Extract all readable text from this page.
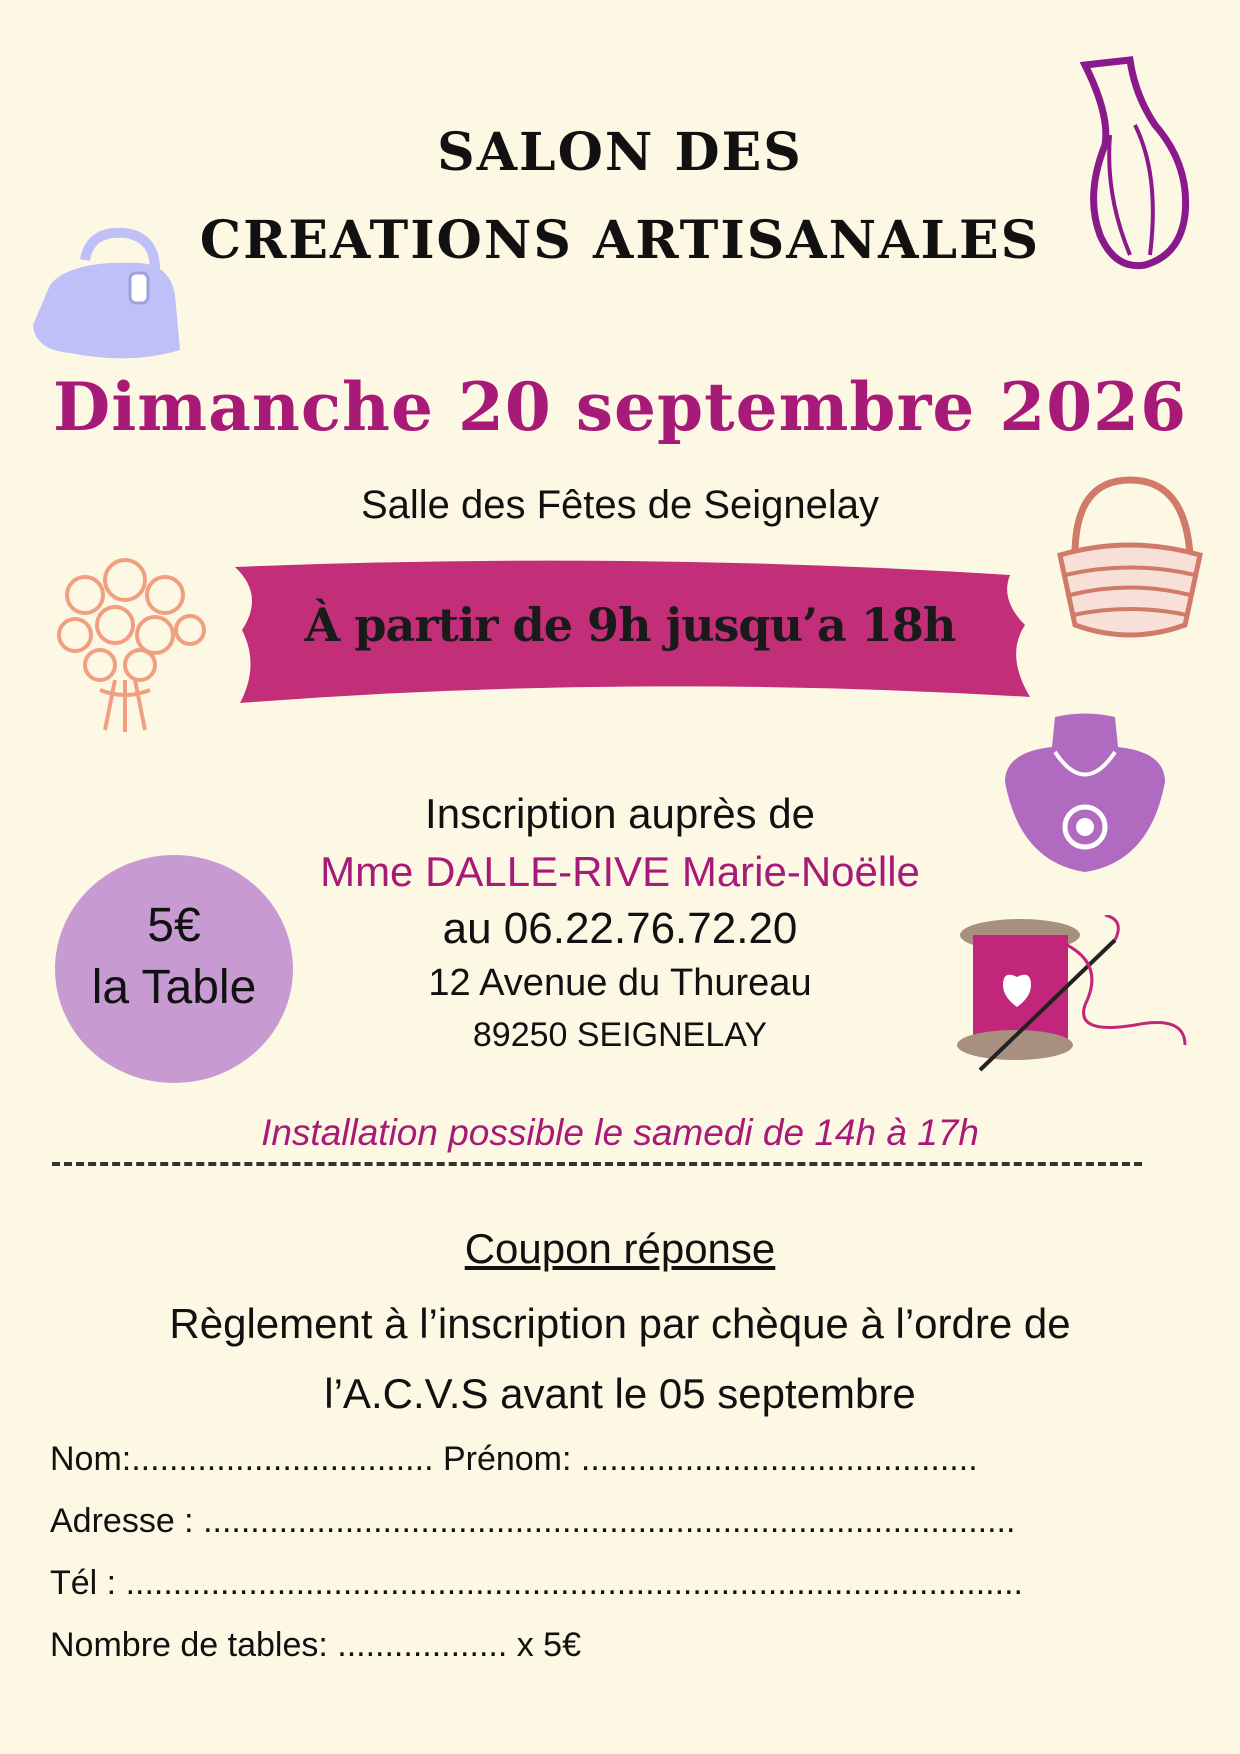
SALON DES
CREATIONS ARTISANALES
Dimanche 20 septembre 2026
Salle des Fêtes de Seignelay
À partir de 9h jusqu’a 18h
Inscription auprès de
Mme DALLE-RIVE Marie-Noëlle
au 06.22.76.72.20
12 Avenue du Thureau
89250 SEIGNELAY
5€
la Table
Installation possible le samedi de 14h à 17h
Coupon réponse
Règlement à l’inscription par chèque à l’ordre de
l’A.C.V.S avant le 05 septembre
Nom:................................ Prénom: ..........................................
Adresse : ......................................................................................
Tél : ...............................................................................................
Nombre de tables: .................. x 5€
